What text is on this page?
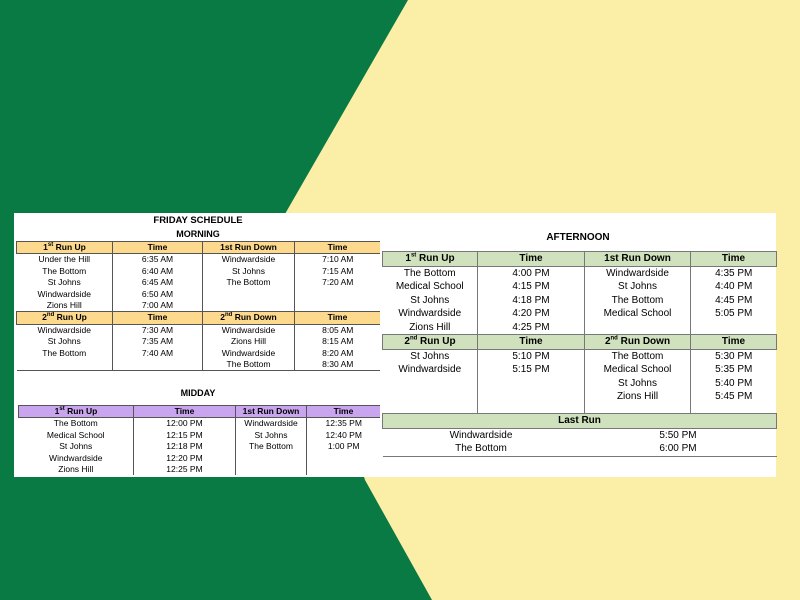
FRIDAY SCHEDULE
MORNING
1st Run Up	Time	1st Run Down	Time
Under the Hill	6:35 AM	Windwardside	7:10 AM
The Bottom	6:40 AM	St Johns	7:15 AM
St Johns	6:45 AM	The Bottom	7:20 AM
Windwardside	6:50 AM		
Zions Hill	7:00 AM		
2nd Run Up	Time	2nd Run Down	Time
Windwardside	7:30 AM	Windwardside	8:05 AM
St Johns	7:35 AM	Zions Hill	8:15 AM
The Bottom	7:40 AM	Windwardside	8:20 AM
		The Bottom	8:30 AM
MIDDAY
1st Run Up	Time	1st Run Down	Time
The Bottom	12:00 PM	Windwardside	12:35 PM
Medical School	12:15 PM	St Johns	12:40 PM
St Johns	12:18 PM	The Bottom	1:00 PM
Windwardside	12:20 PM		
Zions Hill	12:25 PM		
AFTERNOON
1st Run Up	Time	1st Run Down	Time
The Bottom	4:00 PM	Windwardside	4:35 PM
Medical School	4:15 PM	St Johns	4:40 PM
St Johns	4:18 PM	The Bottom	4:45 PM
Windwardside	4:20 PM	Medical School	5:05 PM
Zions Hill	4:25 PM		
2nd Run Up	Time	2nd Run Down	Time
St Johns	5:10 PM	The Bottom	5:30 PM
Windwardside	5:15 PM	Medical School	5:35 PM
		St Johns	5:40 PM
		Zions Hill	5:45 PM

Last Run	
Windwardside	5:50 PM
The Bottom	6:00 PM
